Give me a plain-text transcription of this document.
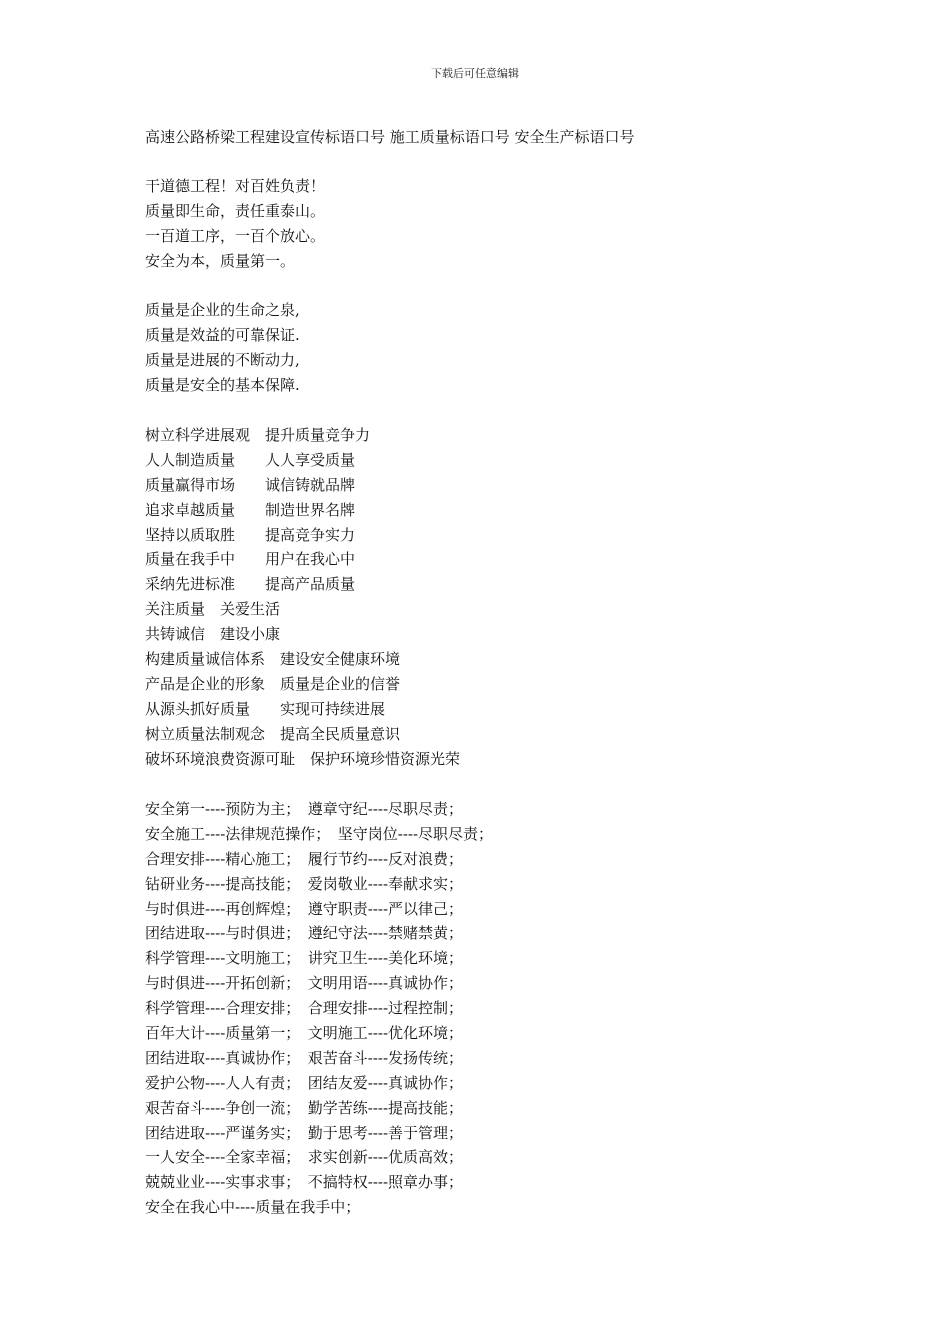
下载后可任意编辑
高速公路桥梁工程建设宣传标语口号 施工质量标语口号 安全生产标语口号
干道德工程！对百姓负责！
质量即生命，责任重泰山。
一百道工序，一百个放心。
安全为本，质量第一。
质量是企业的生命之泉,
质量是效益的可靠保证.
质量是进展的不断动力,
质量是安全的基本保障.
树立科学进展观　提升质量竞争力
人人制造质量　　人人享受质量
质量赢得市场　　诚信铸就品牌
追求卓越质量　　制造世界名牌
坚持以质取胜　　提高竞争实力
质量在我手中　　用户在我心中
采纳先进标准　　提高产品质量
关注质量　关爱生活
共铸诚信　建设小康
构建质量诚信体系　建设安全健康环境
产品是企业的形象　质量是企业的信誉
从源头抓好质量　　实现可持续进展
树立质量法制观念　提高全民质量意识
破坏环境浪费资源可耻　保护环境珍惜资源光荣
安全第一----预防为主；　遵章守纪----尽职尽责；
安全施工----法律规范操作；　坚守岗位----尽职尽责；
合理安排----精心施工；　履行节约----反对浪费；
钻研业务----提高技能；　爱岗敬业----奉献求实；
与时俱进----再创辉煌；　遵守职责----严以律己；
团结进取----与时俱进；　遵纪守法----禁赌禁黄；
科学管理----文明施工；　讲究卫生----美化环境；
与时俱进----开拓创新；　文明用语----真诚协作；
科学管理----合理安排；　合理安排----过程控制；
百年大计----质量第一；　文明施工----优化环境；
团结进取----真诚协作；　艰苦奋斗----发扬传统；
爱护公物----人人有责；　团结友爱----真诚协作；
艰苦奋斗----争创一流；　勤学苦练----提高技能；
团结进取----严谨务实；　勤于思考----善于管理；
一人安全----全家幸福；　求实创新----优质高效；
兢兢业业----实事求事；　不搞特权----照章办事；
安全在我心中----质量在我手中；
